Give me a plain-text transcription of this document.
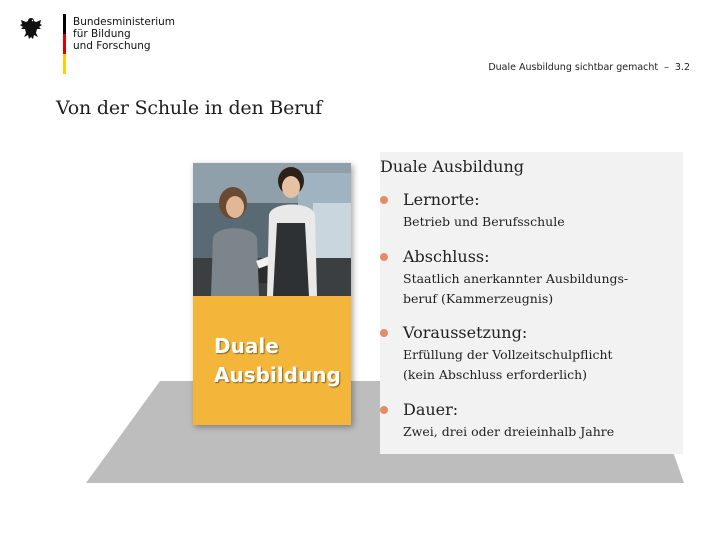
Bundesministerium
für Bildung
und Forschung
Duale Ausbildung sichtbar gemacht – 3.2
Von der Schule in den Beruf
Duale
Ausbildung
Duale Ausbildung
Lernorte:
Betrieb und Berufsschule
Abschluss:
Staatlich anerkannter Ausbildungs-
beruf (Kammerzeugnis)
Voraussetzung:
Erfüllung der Vollzeitschulpflicht
(kein Abschluss erforderlich)
Dauer:
Zwei, drei oder dreieinhalb Jahre
